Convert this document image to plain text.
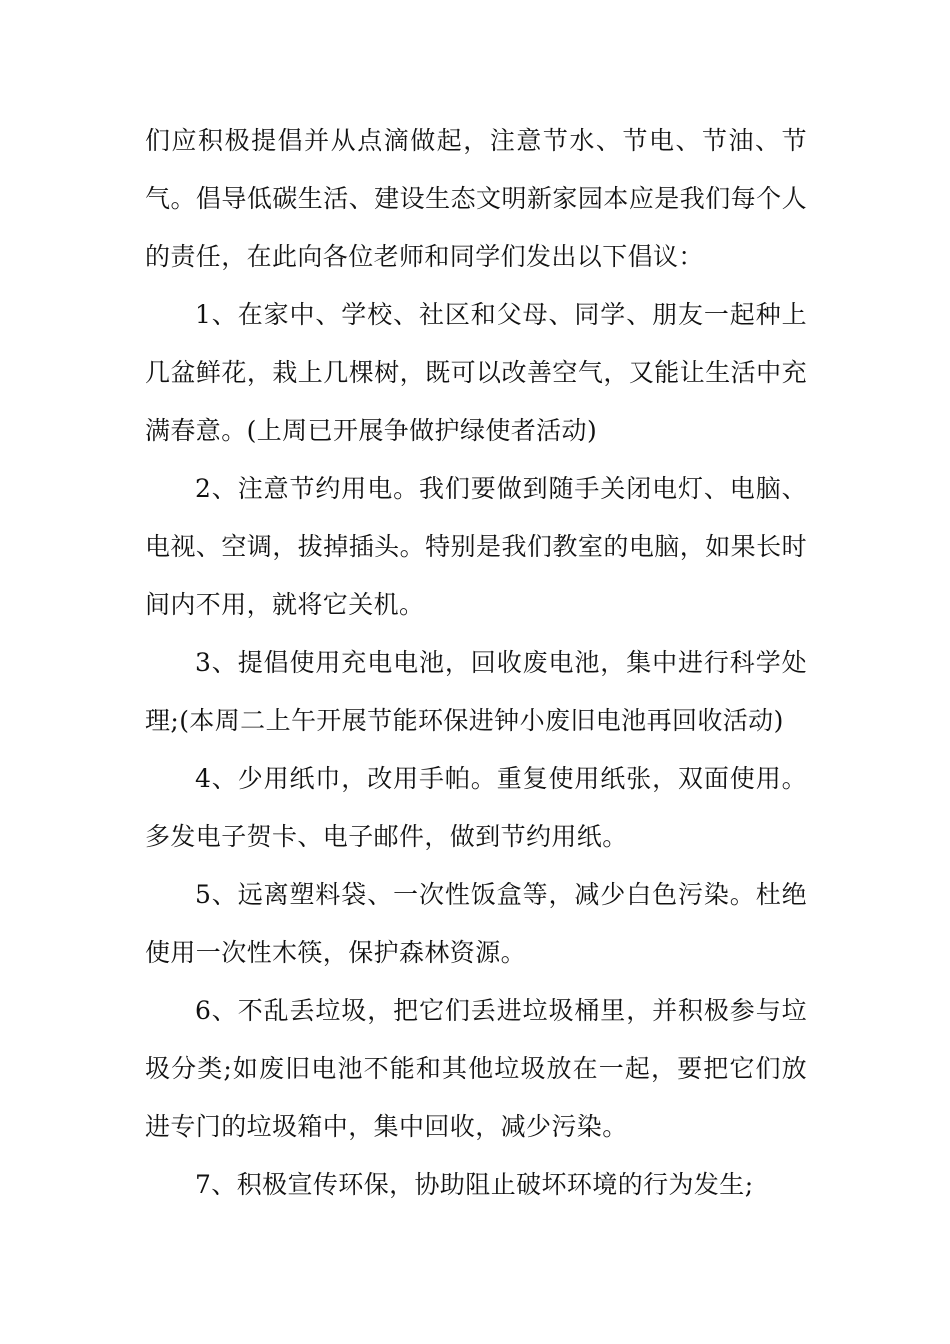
们应积极提倡并从点滴做起，注意节水、节电、节油、节气。倡导低碳生活、建设生态文明新家园本应是我们每个人的责任，在此向各位老师和同学们发出以下倡议：

1、在家中、学校、社区和父母、同学、朋友一起种上几盆鲜花，栽上几棵树，既可以改善空气，又能让生活中充满春意。(上周已开展争做护绿使者活动)

2、注意节约用电。我们要做到随手关闭电灯、电脑、电视、空调，拔掉插头。特别是我们教室的电脑，如果长时间内不用，就将它关机。

3、提倡使用充电电池，回收废电池，集中进行科学处理;(本周二上午开展节能环保进钟小废旧电池再回收活动)

4、少用纸巾，改用手帕。重复使用纸张，双面使用。多发电子贺卡、电子邮件，做到节约用纸。

5、远离塑料袋、一次性饭盒等，减少白色污染。杜绝使用一次性木筷，保护森林资源。

6、不乱丢垃圾，把它们丢进垃圾桶里，并积极参与垃圾分类;如废旧电池不能和其他垃圾放在一起，要把它们放进专门的垃圾箱中，集中回收，减少污染。

7、积极宣传环保，协助阻止破坏环境的行为发生;
